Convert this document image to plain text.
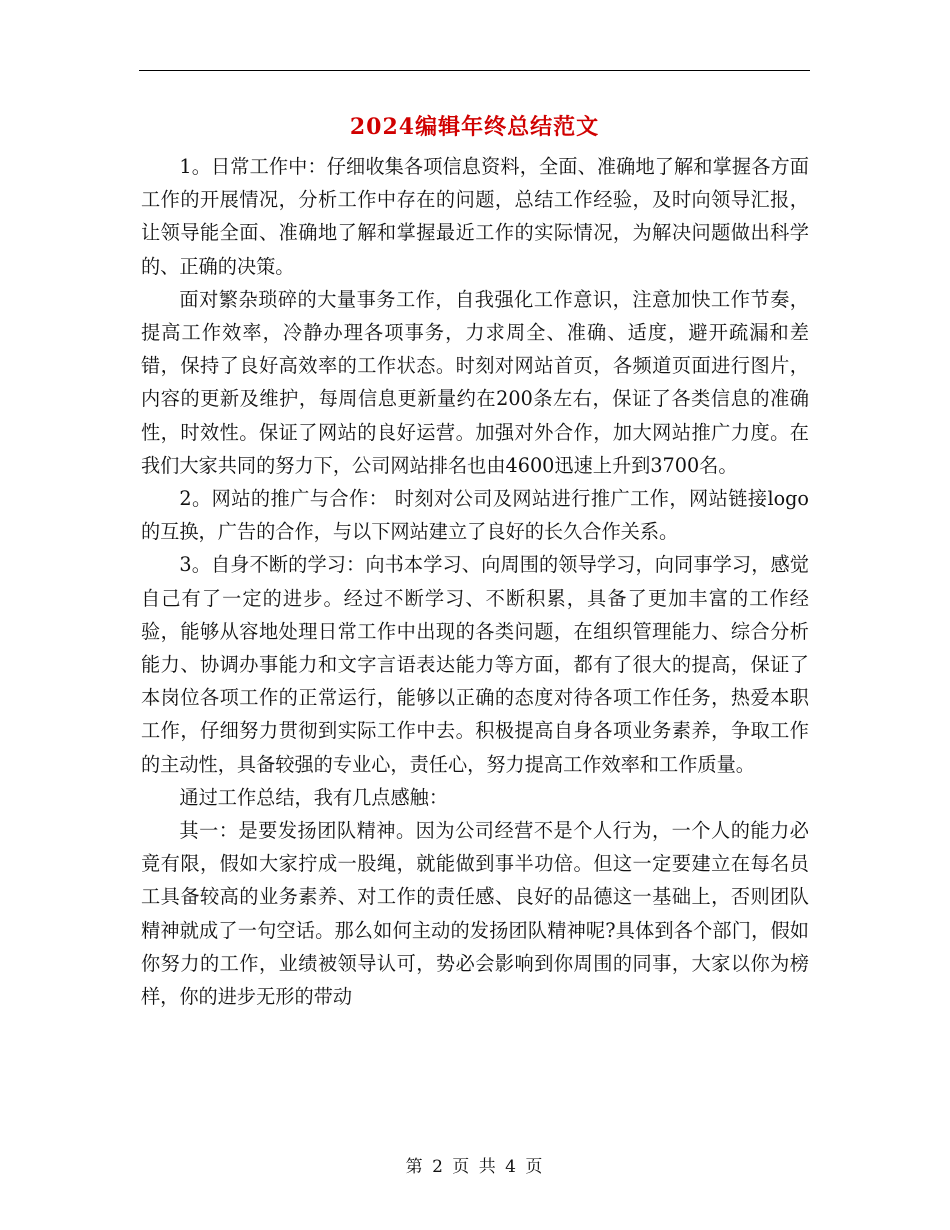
2024编辑年终总结范文

1。日常工作中：仔细收集各项信息资料，全面、准确地了解和掌握各方面工作的开展情况，分析工作中存在的问题，总结工作经验，及时向领导汇报，让领导能全面、准确地了解和掌握最近工作的实际情况，为解决问题做出科学的、正确的决策。

面对繁杂琐碎的大量事务工作，自我强化工作意识，注意加快工作节奏，提高工作效率，冷静办理各项事务，力求周全、准确、适度，避开疏漏和差错，保持了良好高效率的工作状态。时刻对网站首页，各频道页面进行图片，内容的更新及维护，每周信息更新量约在200条左右，保证了各类信息的准确性，时效性。保证了网站的良好运营。加强对外合作，加大网站推广力度。在我们大家共同的努力下，公司网站排名也由4600迅速上升到3700名。

2。网站的推广与合作： 时刻对公司及网站进行推广工作，网站链接logo的互换，广告的合作，与以下网站建立了良好的长久合作关系。

3。自身不断的学习：向书本学习、向周围的领导学习，向同事学习，感觉自己有了一定的进步。经过不断学习、不断积累，具备了更加丰富的工作经验，能够从容地处理日常工作中出现的各类问题，在组织管理能力、综合分析能力、协调办事能力和文字言语表达能力等方面，都有了很大的提高，保证了本岗位各项工作的正常运行，能够以正确的态度对待各项工作任务，热爱本职工作，仔细努力贯彻到实际工作中去。积极提高自身各项业务素养，争取工作的主动性，具备较强的专业心，责任心，努力提高工作效率和工作质量。

通过工作总结，我有几点感触：

其一：是要发扬团队精神。因为公司经营不是个人行为，一个人的能力必竟有限，假如大家拧成一股绳，就能做到事半功倍。但这一定要建立在每名员工具备较高的业务素养、对工作的责任感、良好的品德这一基础上，否则团队精神就成了一句空话。那么如何主动的发扬团队精神呢?具体到各个部门，假如你努力的工作，业绩被领导认可，势必会影响到你周围的同事，大家以你为榜样，你的进步无形的带动

第 2 页 共 4 页
